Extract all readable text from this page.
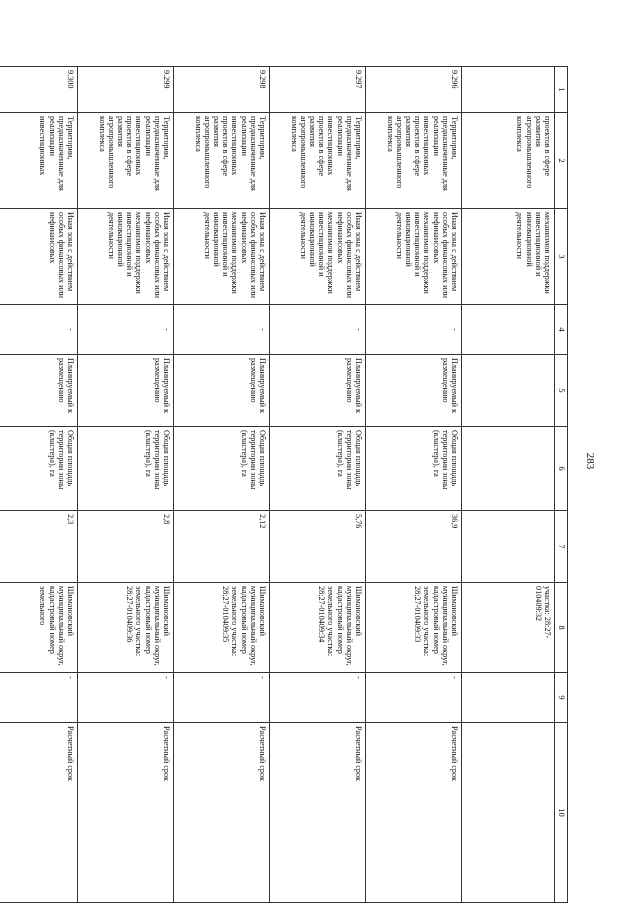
283
1	2	3	4	5	6	7	8	9	10
	проектов в сфере развития агропромышленного комплекса	механизмов поддержки инвестиционной и инновационной деятельности					участка: 28:27-010409:32		
9.296	Территории, предназначенные для реализации инвестиционных проектов в сфере развития агропромышленного комплекса	Иная зона с действием особых финансовых или нефинансовых механизмов поддержки инвестиционной и инновационной деятельности	-	Планируемый к размещению	Общая площадь территории зоны (кластера), га	36,9	Шимановский муниципальный округ, кадастровый номер земельного участка: 28:27-010409:33	-	Расчетный срок
9.297	Территории, предназначенные для реализации инвестиционных проектов в сфере развития агропромышленного комплекса	Иная зона с действием особых финансовых или нефинансовых механизмов поддержки инвестиционной и инновационной деятельности	-	Планируемый к размещению	Общая площадь территории зоны (кластера), га	5,76	Шимановский муниципальный округ, кадастровый номер земельного участка: 28:27-010409:34	-	Расчетный срок
9.298	Территории, предназначенные для реализации инвестиционных проектов в сфере развития агропромышленного комплекса	Иная зона с действием особых финансовых или нефинансовых механизмов поддержки инвестиционной и инновационной деятельности	-	Планируемый к размещению	Общая площадь территории зоны (кластера), га	2,12	Шимановский муниципальный округ, кадастровый номер земельного участка: 28:27-010409:35	-	Расчетный срок
9.299	Территории, предназначенные для реализации инвестиционных проектов в сфере развития агропромышленного комплекса	Иная зона с действием особых финансовых или нефинансовых механизмов поддержки инвестиционной и инновационной деятельности	-	Планируемый к размещению	Общая площадь территории зоны (кластера), га	2,8	Шимановский муниципальный округ, кадастровый номер земельного участка: 28:27-010409:36	-	Расчетный срок
9.300	Территории, предназначенные для реализации инвестиционных	Иная зона с действием особых финансовых или нефинансовых	-	Планируемый к размещению	Общая площадь территории зоны (кластера), га	2,3	Шимановский муниципальный округ, кадастровый номер земельного	-	Расчетный срок
